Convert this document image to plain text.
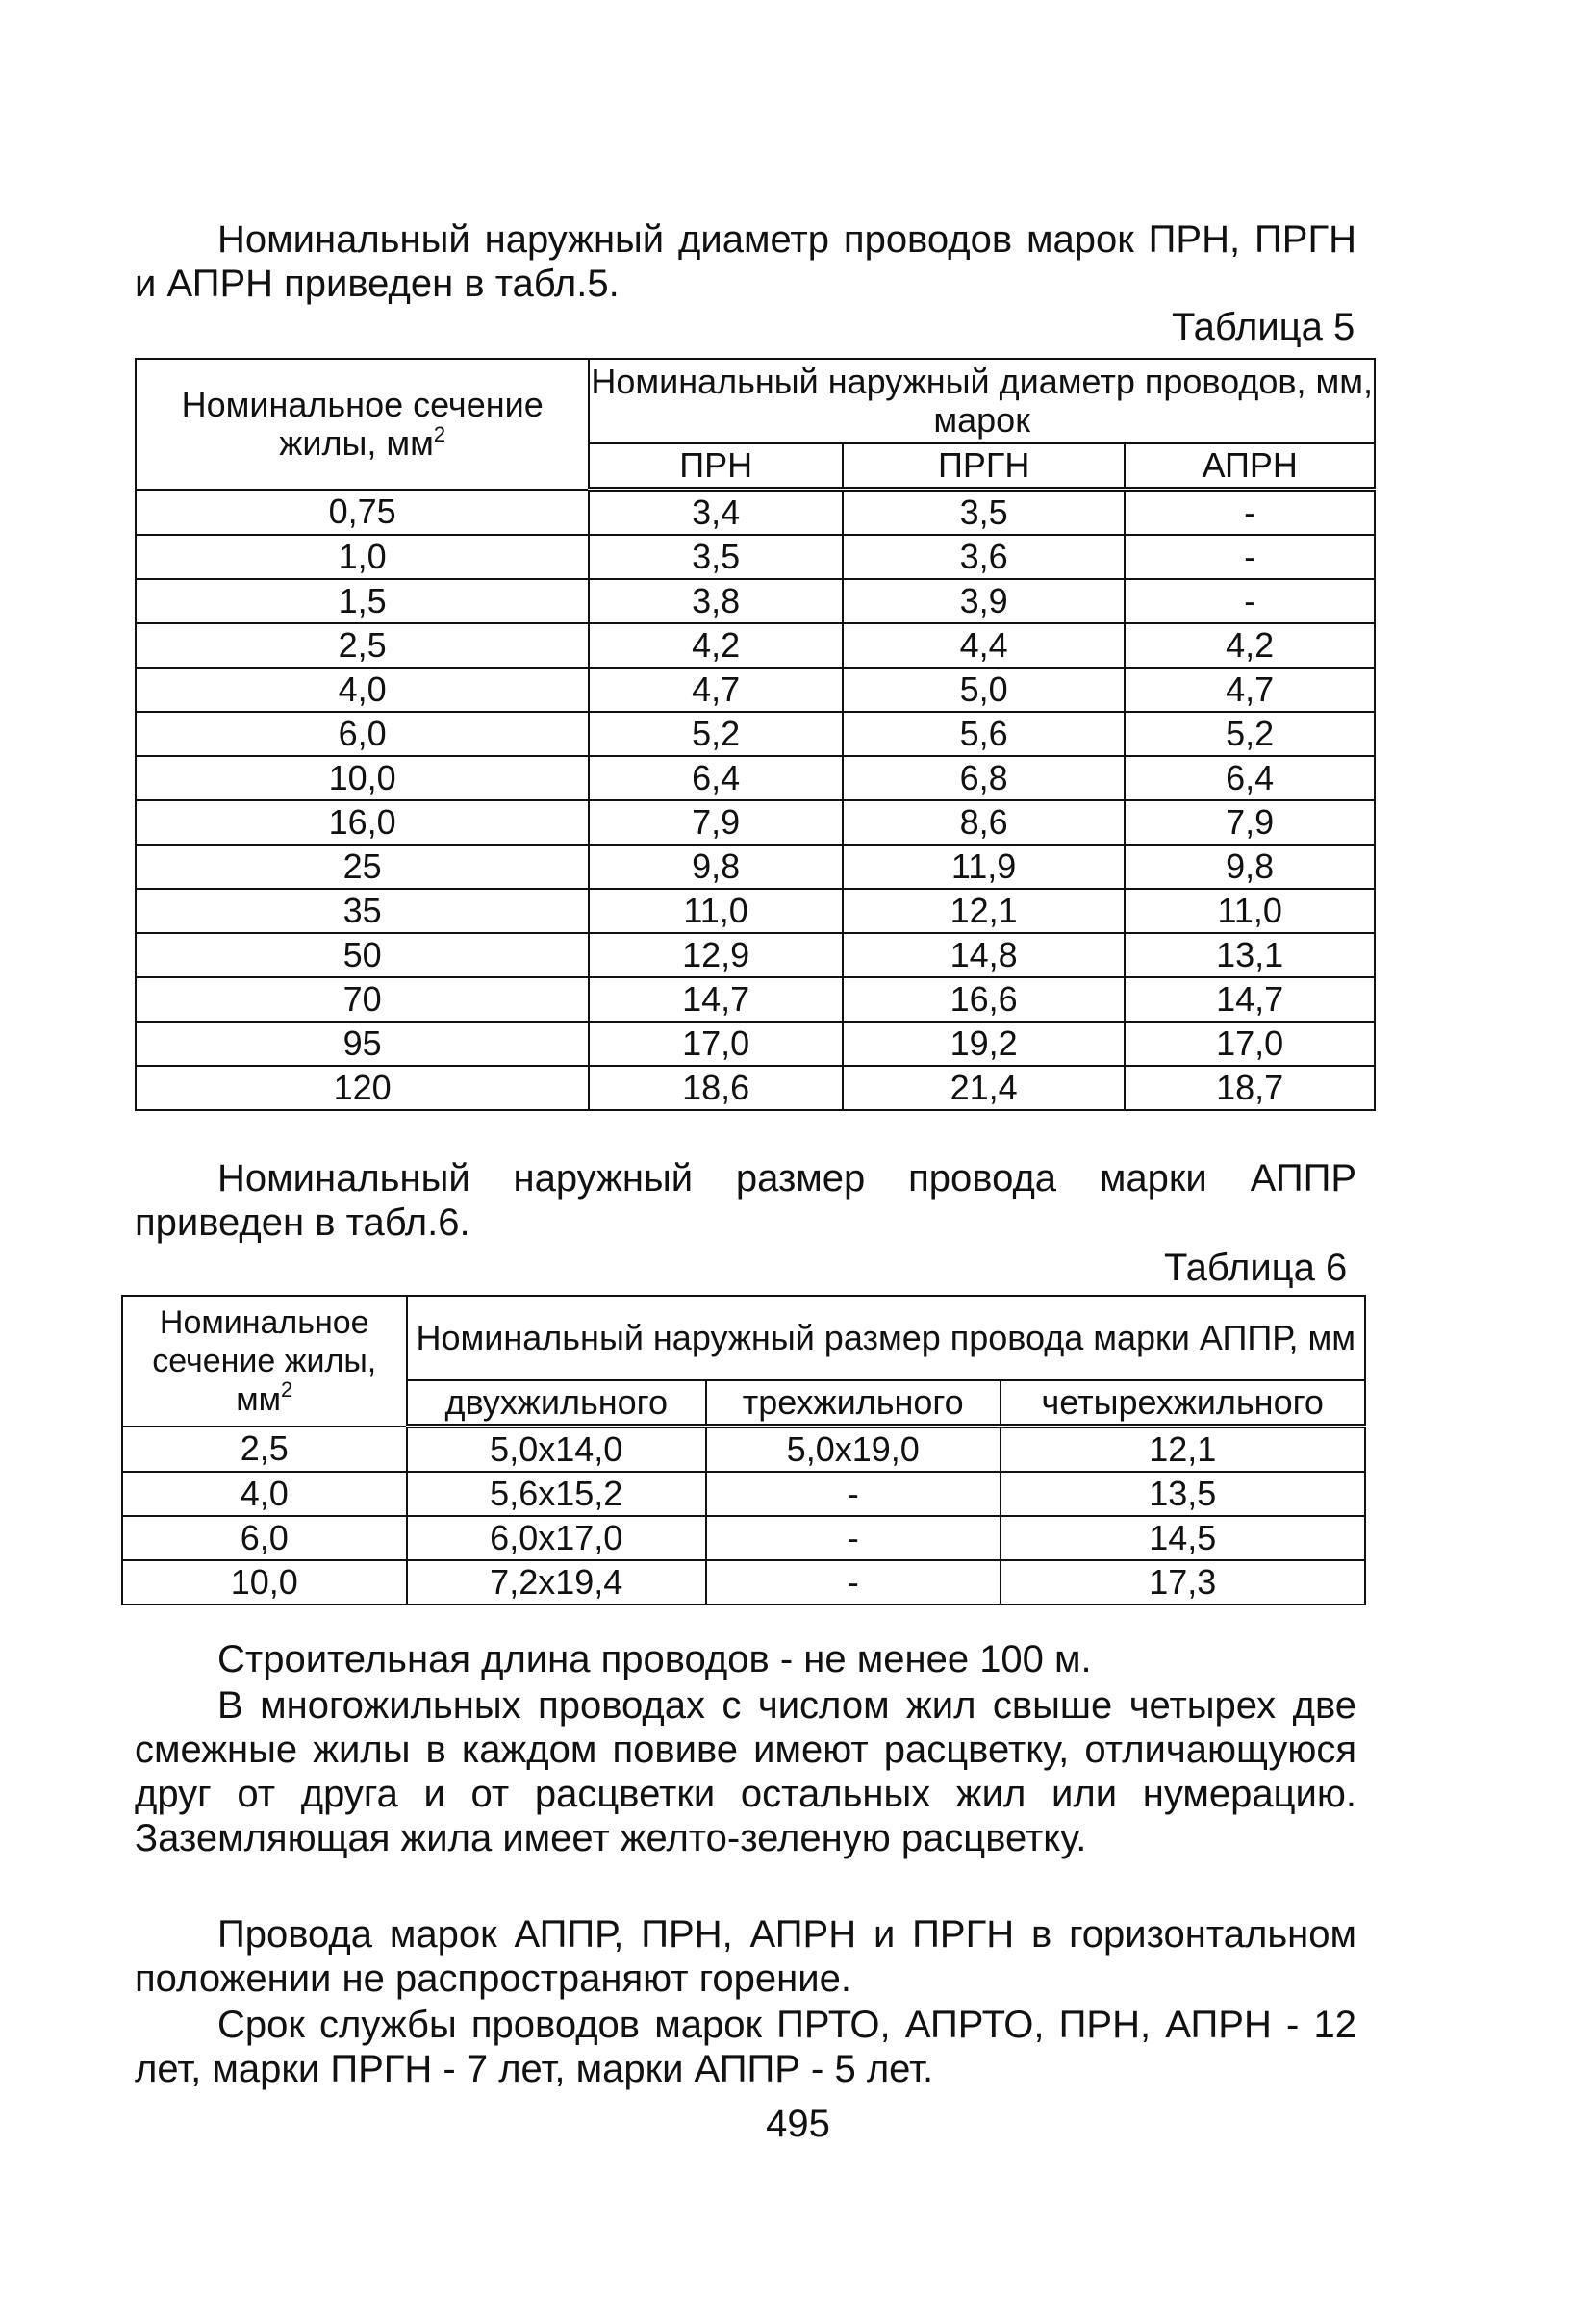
Номинальный наружный диаметр проводов марок ПРН, ПРГН и АПРН приведен в табл.5.

Таблица 5

Номинальное сечение жилы, $мм^2$	Номинальный наружный диаметр проводов, мм, марок		
	ПРН	ПРГН	АПРН
0,75	3,4	3,5	-
1,0	3,5	3,6	-
1,5	3,8	3,9	-
2,5	4,2	4,4	4,2
4,0	4,7	5,0	4,7
6,0	5,2	5,6	5,2
10,0	6,4	6,8	6,4
16,0	7,9	8,6	7,9
25	9,8	11,9	9,8
35	11,0	12,1	11,0
50	12,9	14,8	13,1
70	14,7	16,6	14,7
95	17,0	19,2	17,0
120	18,6	21,4	18,7

Номинальный наружный размер провода марки АППР приведен в табл.6.

Таблица 6

Номинальное сечение жилы, $мм^2$	Номинальный наружный размер провода марки АППР, мм		
	двухжильного	трехжильного	четырехжильного
2,5	5,0х14,0	5,0х19,0	12,1
4,0	5,6х15,2	-	13,5
6,0	6,0х17,0	-	14,5
10,0	7,2х19,4	-	17,3

Строительная длина проводов - не менее 100 м.

В многожильных проводах с числом жил свыше четырех две смежные жилы в каждом повиве имеют расцветку, отличающуюся друг от друга и от расцветки остальных жил или нумерацию. Заземляющая жила имеет желто-зеленую расцветку.

Провода марок АППР, ПРН, АПРН и ПРГН в горизонтальном положении не распространяют горение.

Срок службы проводов марок ПРТО, АПРТО, ПРН, АПРН - 12 лет, марки ПРГН - 7 лет, марки АППР - 5 лет.

495
